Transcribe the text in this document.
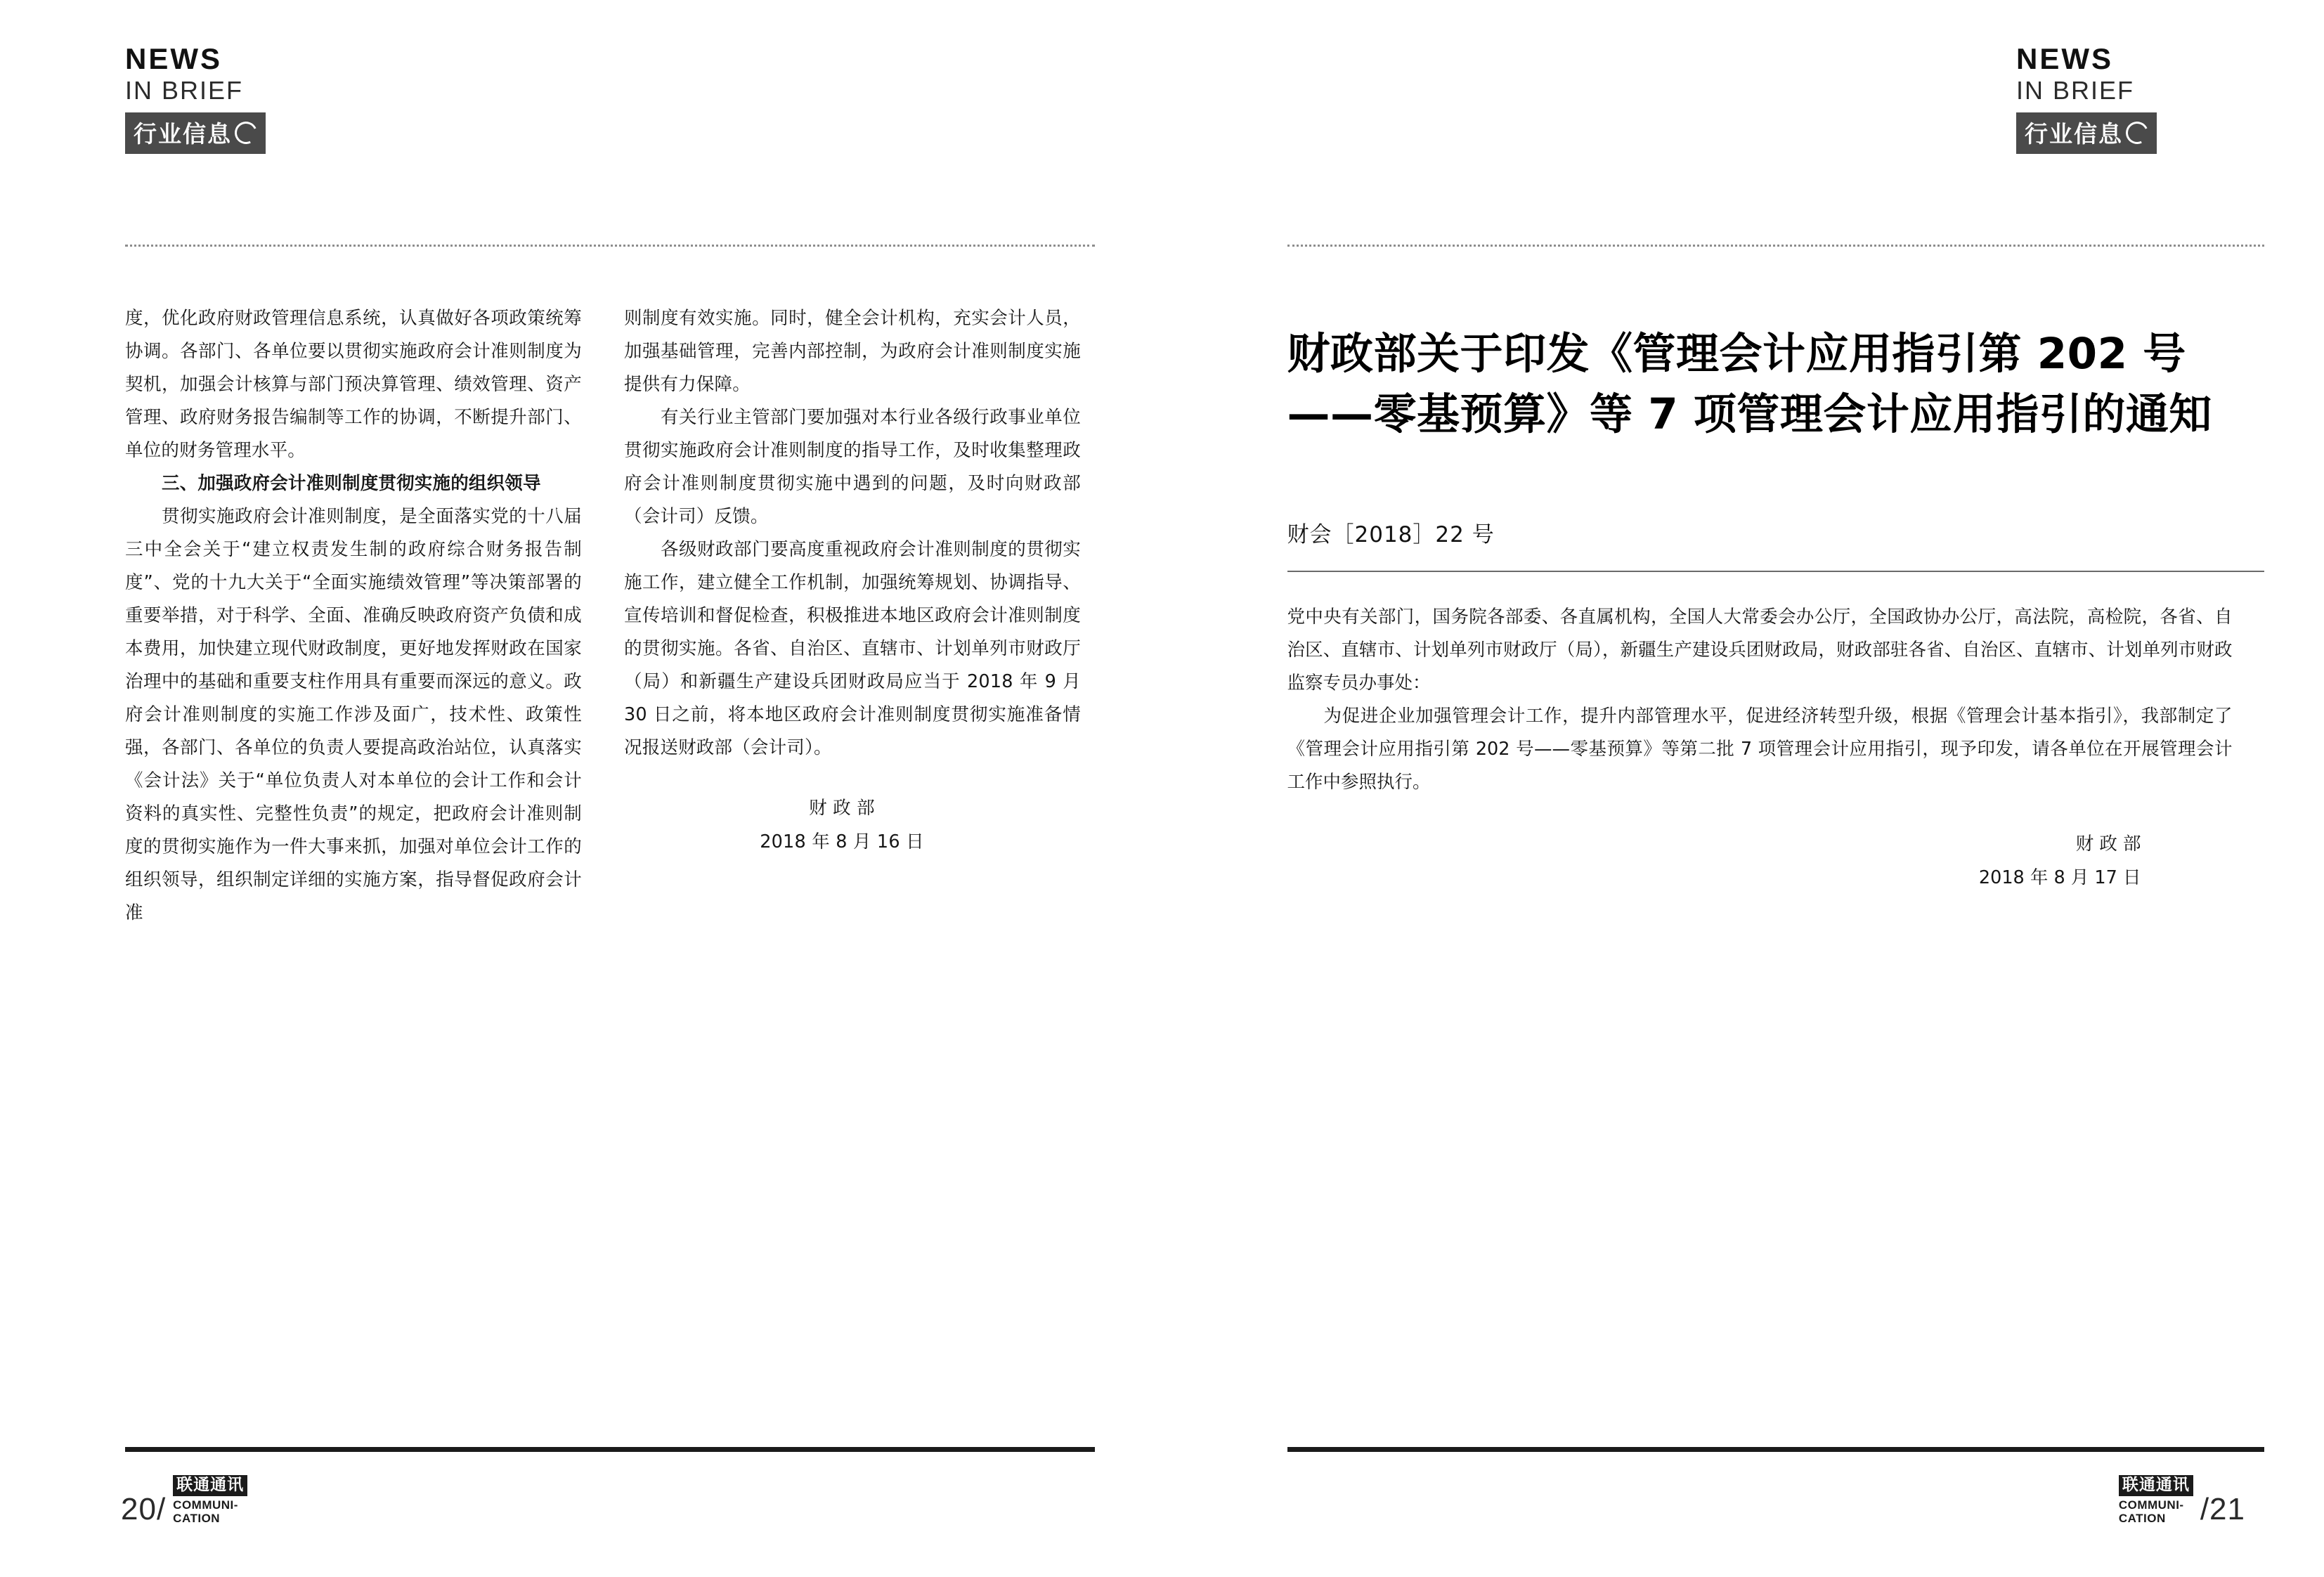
NEWS
IN BRIEF
行业信息

度，优化政府财政管理信息系统，认真做好各项政策统筹协调。各部门、各单位要以贯彻实施政府会计准则制度为契机，加强会计核算与部门预决算管理、绩效管理、资产管理、政府财务报告编制等工作的协调，不断提升部门、单位的财务管理水平。

三、加强政府会计准则制度贯彻实施的组织领导

贯彻实施政府会计准则制度，是全面落实党的十八届三中全会关于“建立权责发生制的政府综合财务报告制度”、党的十九大关于“全面实施绩效管理”等决策部署的重要举措，对于科学、全面、准确反映政府资产负债和成本费用，加快建立现代财政制度，更好地发挥财政在国家治理中的基础和重要支柱作用具有重要而深远的意义。政府会计准则制度的实施工作涉及面广，技术性、政策性强，各部门、各单位的负责人要提高政治站位，认真落实《会计法》关于“单位负责人对本单位的会计工作和会计资料的真实性、完整性负责”的规定，把政府会计准则制度的贯彻实施作为一件大事来抓，加强对单位会计工作的组织领导，组织制定详细的实施方案，指导督促政府会计准

则制度有效实施。同时，健全会计机构，充实会计人员，加强基础管理，完善内部控制，为政府会计准则制度实施提供有力保障。

有关行业主管部门要加强对本行业各级行政事业单位贯彻实施政府会计准则制度的指导工作，及时收集整理政府会计准则制度贯彻实施中遇到的问题，及时向财政部（会计司）反馈。

各级财政部门要高度重视政府会计准则制度的贯彻实施工作，建立健全工作机制，加强统筹规划、协调指导、宣传培训和督促检查，积极推进本地区政府会计准则制度的贯彻实施。各省、自治区、直辖市、计划单列市财政厅（局）和新疆生产建设兵团财政局应当于 2018 年 9 月 30 日之前，将本地区政府会计准则制度贯彻实施准备情况报送财政部（会计司）。

财 政 部
2018 年 8 月 16 日
20/
联通通讯
COMMUNI-
CATION
NEWS
IN BRIEF
行业信息
财政部关于印发《管理会计应用指引第 202 号——零基预算》等 7 项管理会计应用指引的通知
财会［2018］22 号

党中央有关部门，国务院各部委、各直属机构，全国人大常委会办公厅，全国政协办公厅，高法院，高检院，各省、自治区、直辖市、计划单列市财政厅（局），新疆生产建设兵团财政局，财政部驻各省、自治区、直辖市、计划单列市财政监察专员办事处：

为促进企业加强管理会计工作，提升内部管理水平，促进经济转型升级，根据《管理会计基本指引》，我部制定了《管理会计应用指引第 202 号——零基预算》等第二批 7 项管理会计应用指引，现予印发，请各单位在开展管理会计工作中参照执行。

财 政 部
2018 年 8 月 17 日
联通通讯
COMMUNI-
CATION	/21
